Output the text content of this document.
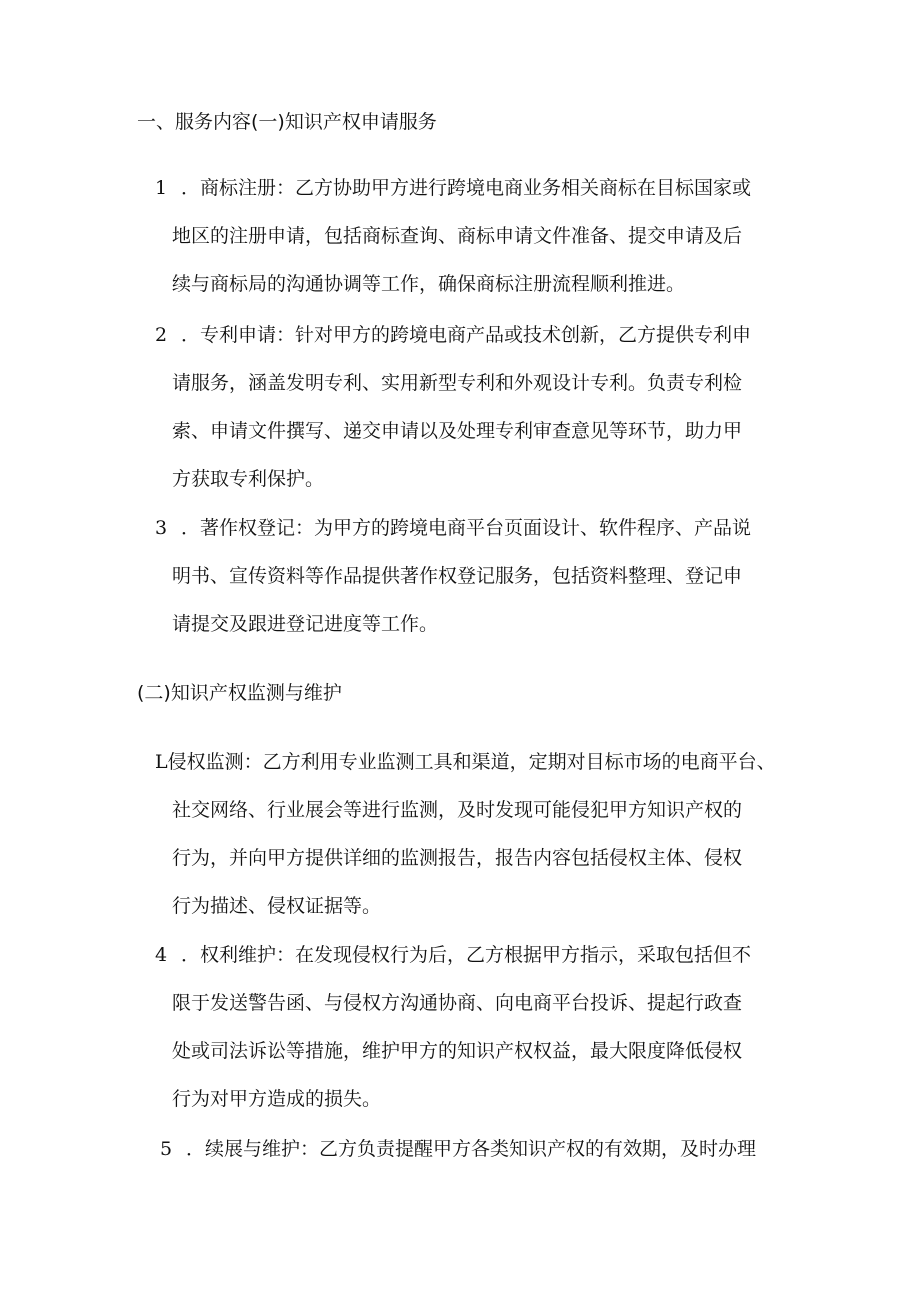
一、服务内容(一)知识产权申请服务

1 ．商标注册：乙方协助甲方进行跨境电商业务相关商标在目标国家或

地区的注册申请，包括商标查询、商标申请文件准备、提交申请及后

续与商标局的沟通协调等工作，确保商标注册流程顺利推进。

2 ．专利申请：针对甲方的跨境电商产品或技术创新，乙方提供专利申

请服务，涵盖发明专利、实用新型专利和外观设计专利。负责专利检

索、申请文件撰写、递交申请以及处理专利审查意见等环节，助力甲

方获取专利保护。

3 ．著作权登记：为甲方的跨境电商平台页面设计、软件程序、产品说

明书、宣传资料等作品提供著作权登记服务，包括资料整理、登记申

请提交及跟进登记进度等工作。

(二)知识产权监测与维护

L侵权监测：乙方利用专业监测工具和渠道，定期对目标市场的电商平台、

社交网络、行业展会等进行监测，及时发现可能侵犯甲方知识产权的

行为，并向甲方提供详细的监测报告，报告内容包括侵权主体、侵权

行为描述、侵权证据等。

4 ．权利维护：在发现侵权行为后，乙方根据甲方指示，采取包括但不

限于发送警告函、与侵权方沟通协商、向电商平台投诉、提起行政查

处或司法诉讼等措施，维护甲方的知识产权权益，最大限度降低侵权

行为对甲方造成的损失。

5 ．续展与维护：乙方负责提醒甲方各类知识产权的有效期，及时办理
